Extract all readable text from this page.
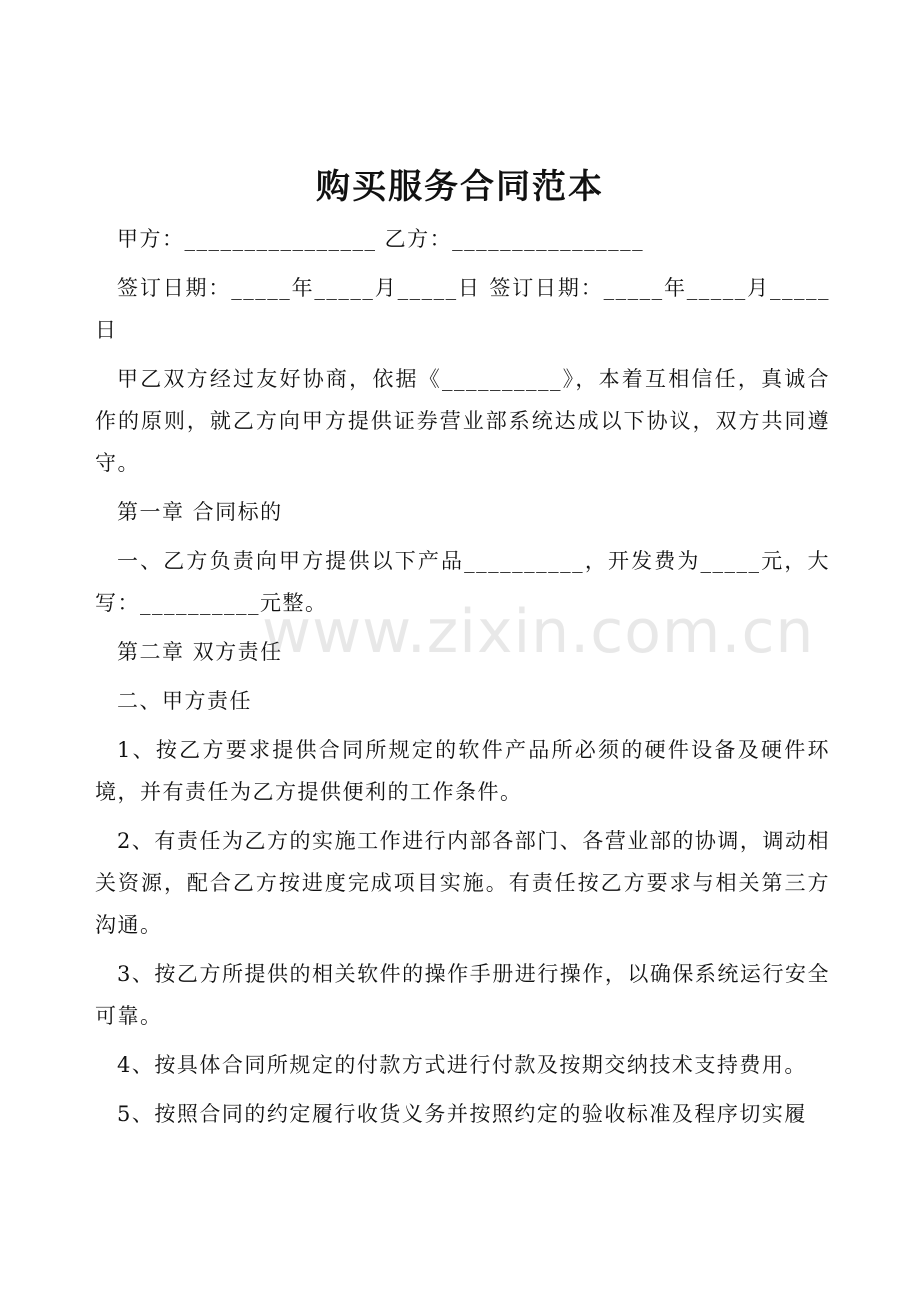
购买服务合同范本

甲方：________________ 乙方：________________

签订日期：_____年_____月_____日 签订日期：_____年_____月_____日

甲乙双方经过友好协商，依据《__________》，本着互相信任，真诚合作的原则，就乙方向甲方提供证券营业部系统达成以下协议，双方共同遵守。

第一章 合同标的

一、乙方负责向甲方提供以下产品__________，开发费为_____元，大写：__________元整。

第二章 双方责任

二、甲方责任

1、按乙方要求提供合同所规定的软件产品所必须的硬件设备及硬件环境，并有责任为乙方提供便利的工作条件。

2、有责任为乙方的实施工作进行内部各部门、各营业部的协调，调动相关资源，配合乙方按进度完成项目实施。有责任按乙方要求与相关第三方沟通。

3、按乙方所提供的相关软件的操作手册进行操作，以确保系统运行安全可靠。

4、按具体合同所规定的付款方式进行付款及按期交纳技术支持费用。

5、按照合同的约定履行收货义务并按照约定的验收标准及程序切实履

www.zixin.com.cn
